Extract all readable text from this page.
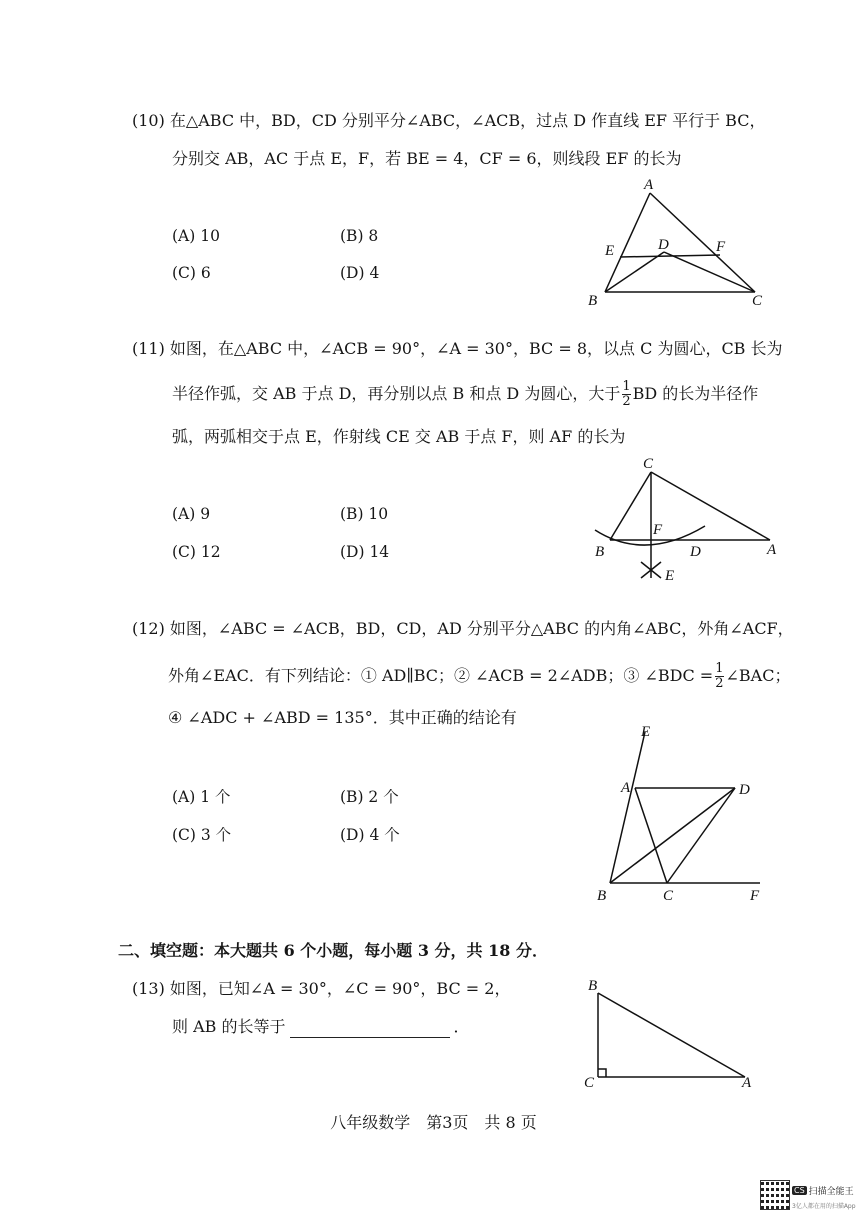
(10) 在△ABC 中，BD，CD 分别平分∠ABC，∠ACB，过点 D 作直线 EF 平行于 BC，
分别交 AB，AC 于点 E，F，若 BE = 4，CF = 6，则线段 EF 的长为
(A) 10	(B) 8
(C) 6	(D) 4
A
E	D	F
B	C
(11) 如图，在△ABC 中，∠ACB = 90°，∠A = 30°，BC = 8，以点 C 为圆心，CB 长为
半径作弧，交 AB 于点 D，再分别以点 B 和点 D 为圆心，大于 $\frac{1}{2}$ BD 的长为半径作
弧，两弧相交于点 E，作射线 CE 交 AB 于点 F，则 AF 的长为
(A) 9	(B) 10
(C) 12	(D) 14
C
F
B	D	A
E
(12) 如图，∠ABC = ∠ACB，BD，CD，AD 分别平分△ABC 的内角∠ABC，外角∠ACF，
外角∠EAC．有下列结论：① AD∥BC；② ∠ACB = 2∠ADB；③ ∠BDC = $\frac{1}{2}$ ∠BAC；
④ ∠ADC + ∠ABD = 135°．其中正确的结论有
(A) 1 个	(B) 2 个
(C) 3 个	(D) 4 个
E
A	D
B	C	F
二、填空题：本大题共 6 个小题，每小题 3 分，共 18 分．
(13) 如图，已知∠A = 30°，∠C = 90°，BC = 2，
则 AB 的长等于	．
B
C	A
八年级数学　第3页　共 8 页
CS 扫描全能王
3亿人都在用的扫描App
